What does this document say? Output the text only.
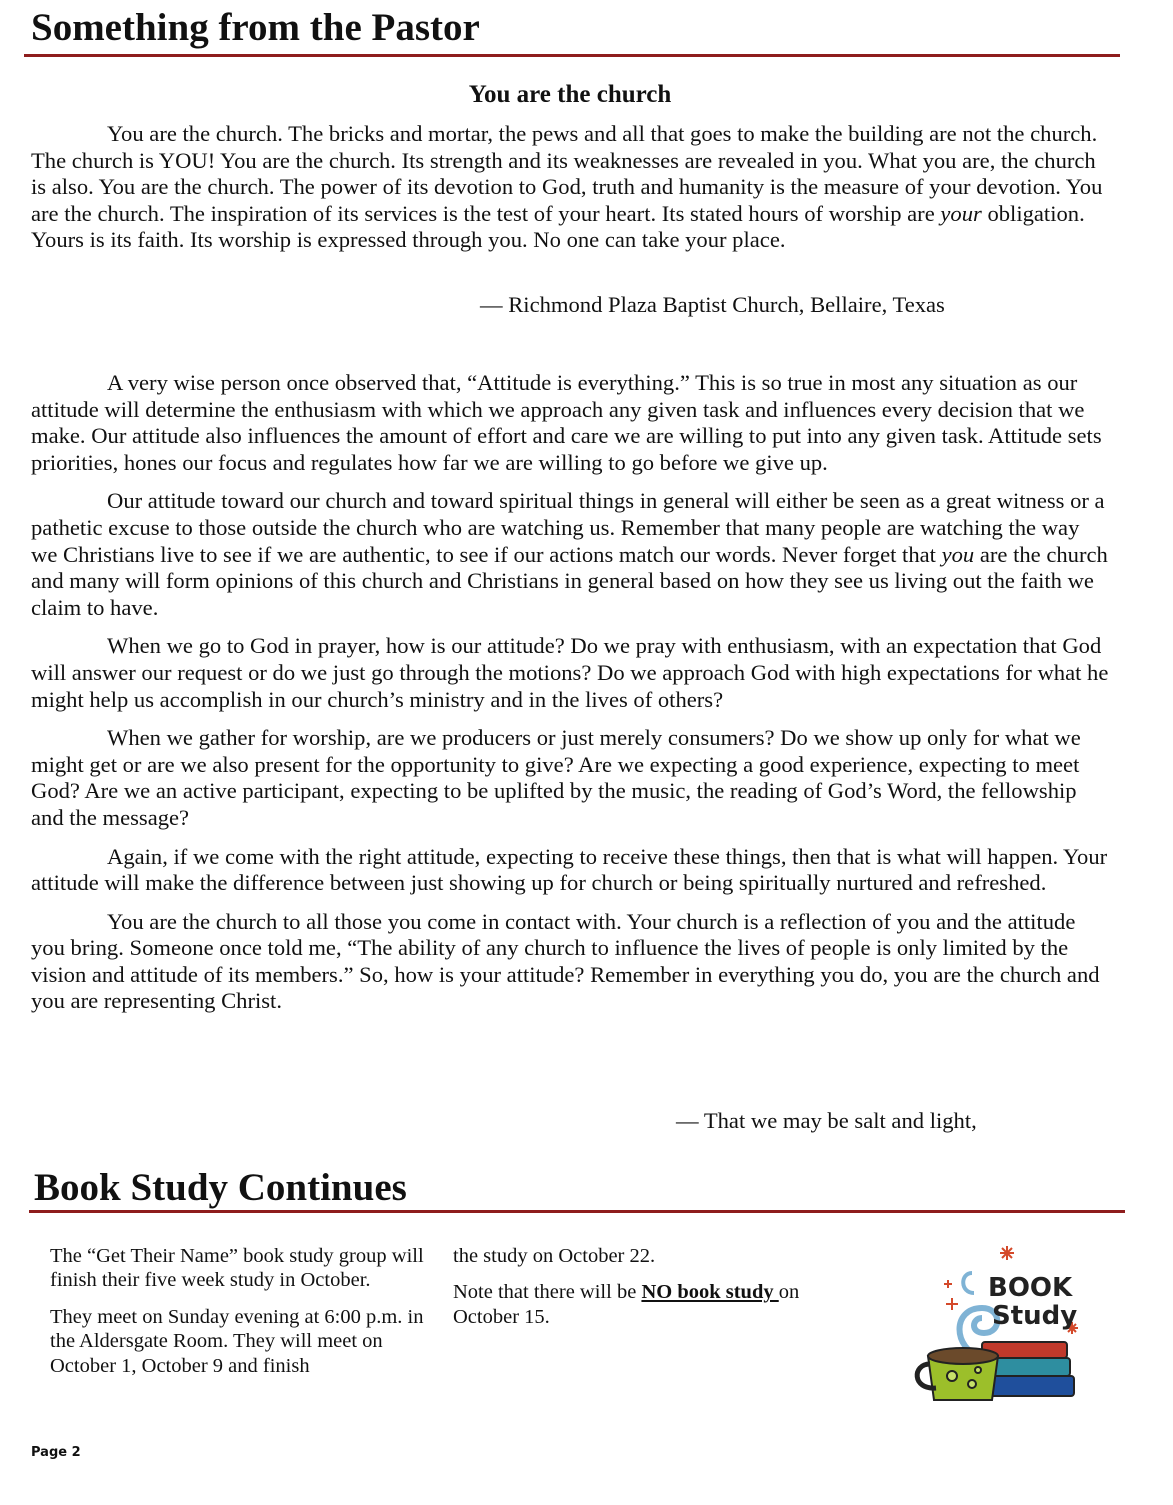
Something from the Pastor
You are the church

You are the church. The bricks and mortar, the pews and all that goes to make the building are not the church. The church is YOU! You are the church. Its strength and its weaknesses are revealed in you. What you are, the church is also. You are the church. The power of its devotion to God, truth and humanity is the measure of your devotion. You are the church. The inspiration of its services is the test of your heart. Its stated hours of worship are your obligation. Yours is its faith. Its worship is expressed through you. No one can take your place.

— Richmond Plaza Baptist Church, Bellaire, Texas

A very wise person once observed that, “Attitude is everything.” This is so true in most any situation as our attitude will determine the enthusiasm with which we approach any given task and influences every decision that we make. Our attitude also influences the amount of effort and care we are willing to put into any given task. Attitude sets priorities, hones our focus and regulates how far we are willing to go before we give up.

Our attitude toward our church and toward spiritual things in general will either be seen as a great witness or a pathetic excuse to those outside the church who are watching us. Remember that many people are watching the way we Christians live to see if we are authentic, to see if our actions match our words. Never forget that you are the church and many will form opinions of this church and Christians in general based on how they see us living out the faith we claim to have.

When we go to God in prayer, how is our attitude? Do we pray with enthusiasm, with an expectation that God will answer our request or do we just go through the motions? Do we approach God with high expectations for what he might help us accomplish in our church’s ministry and in the lives of others?

When we gather for worship, are we producers or just merely consumers? Do we show up only for what we might get or are we also present for the opportunity to give? Are we expecting a good experience, expecting to meet God? Are we an active participant, expecting to be uplifted by the music, the reading of God’s Word, the fellowship and the message?

Again, if we come with the right attitude, expecting to receive these things, then that is what will happen. Your attitude will make the difference between just showing up for church or being spiritually nurtured and refreshed.

You are the church to all those you come in contact with. Your church is a reflection of you and the attitude you bring. Someone once told me, “The ability of any church to influence the lives of people is only limited by the vision and attitude of its members.” So, how is your attitude? Remember in everything you do, you are the church and you are representing Christ.

— That we may be salt and light,

Book Study Continues

The “Get Their Name” book study group will finish their five week study in October.

They meet on Sunday evening at 6:00 p.m. in the Aldersgate Room. They will meet on October 1, October 9 and finish

the study on October 22.

Note that there will be NO book study on October 15.

BOOK
Study

Page 2
